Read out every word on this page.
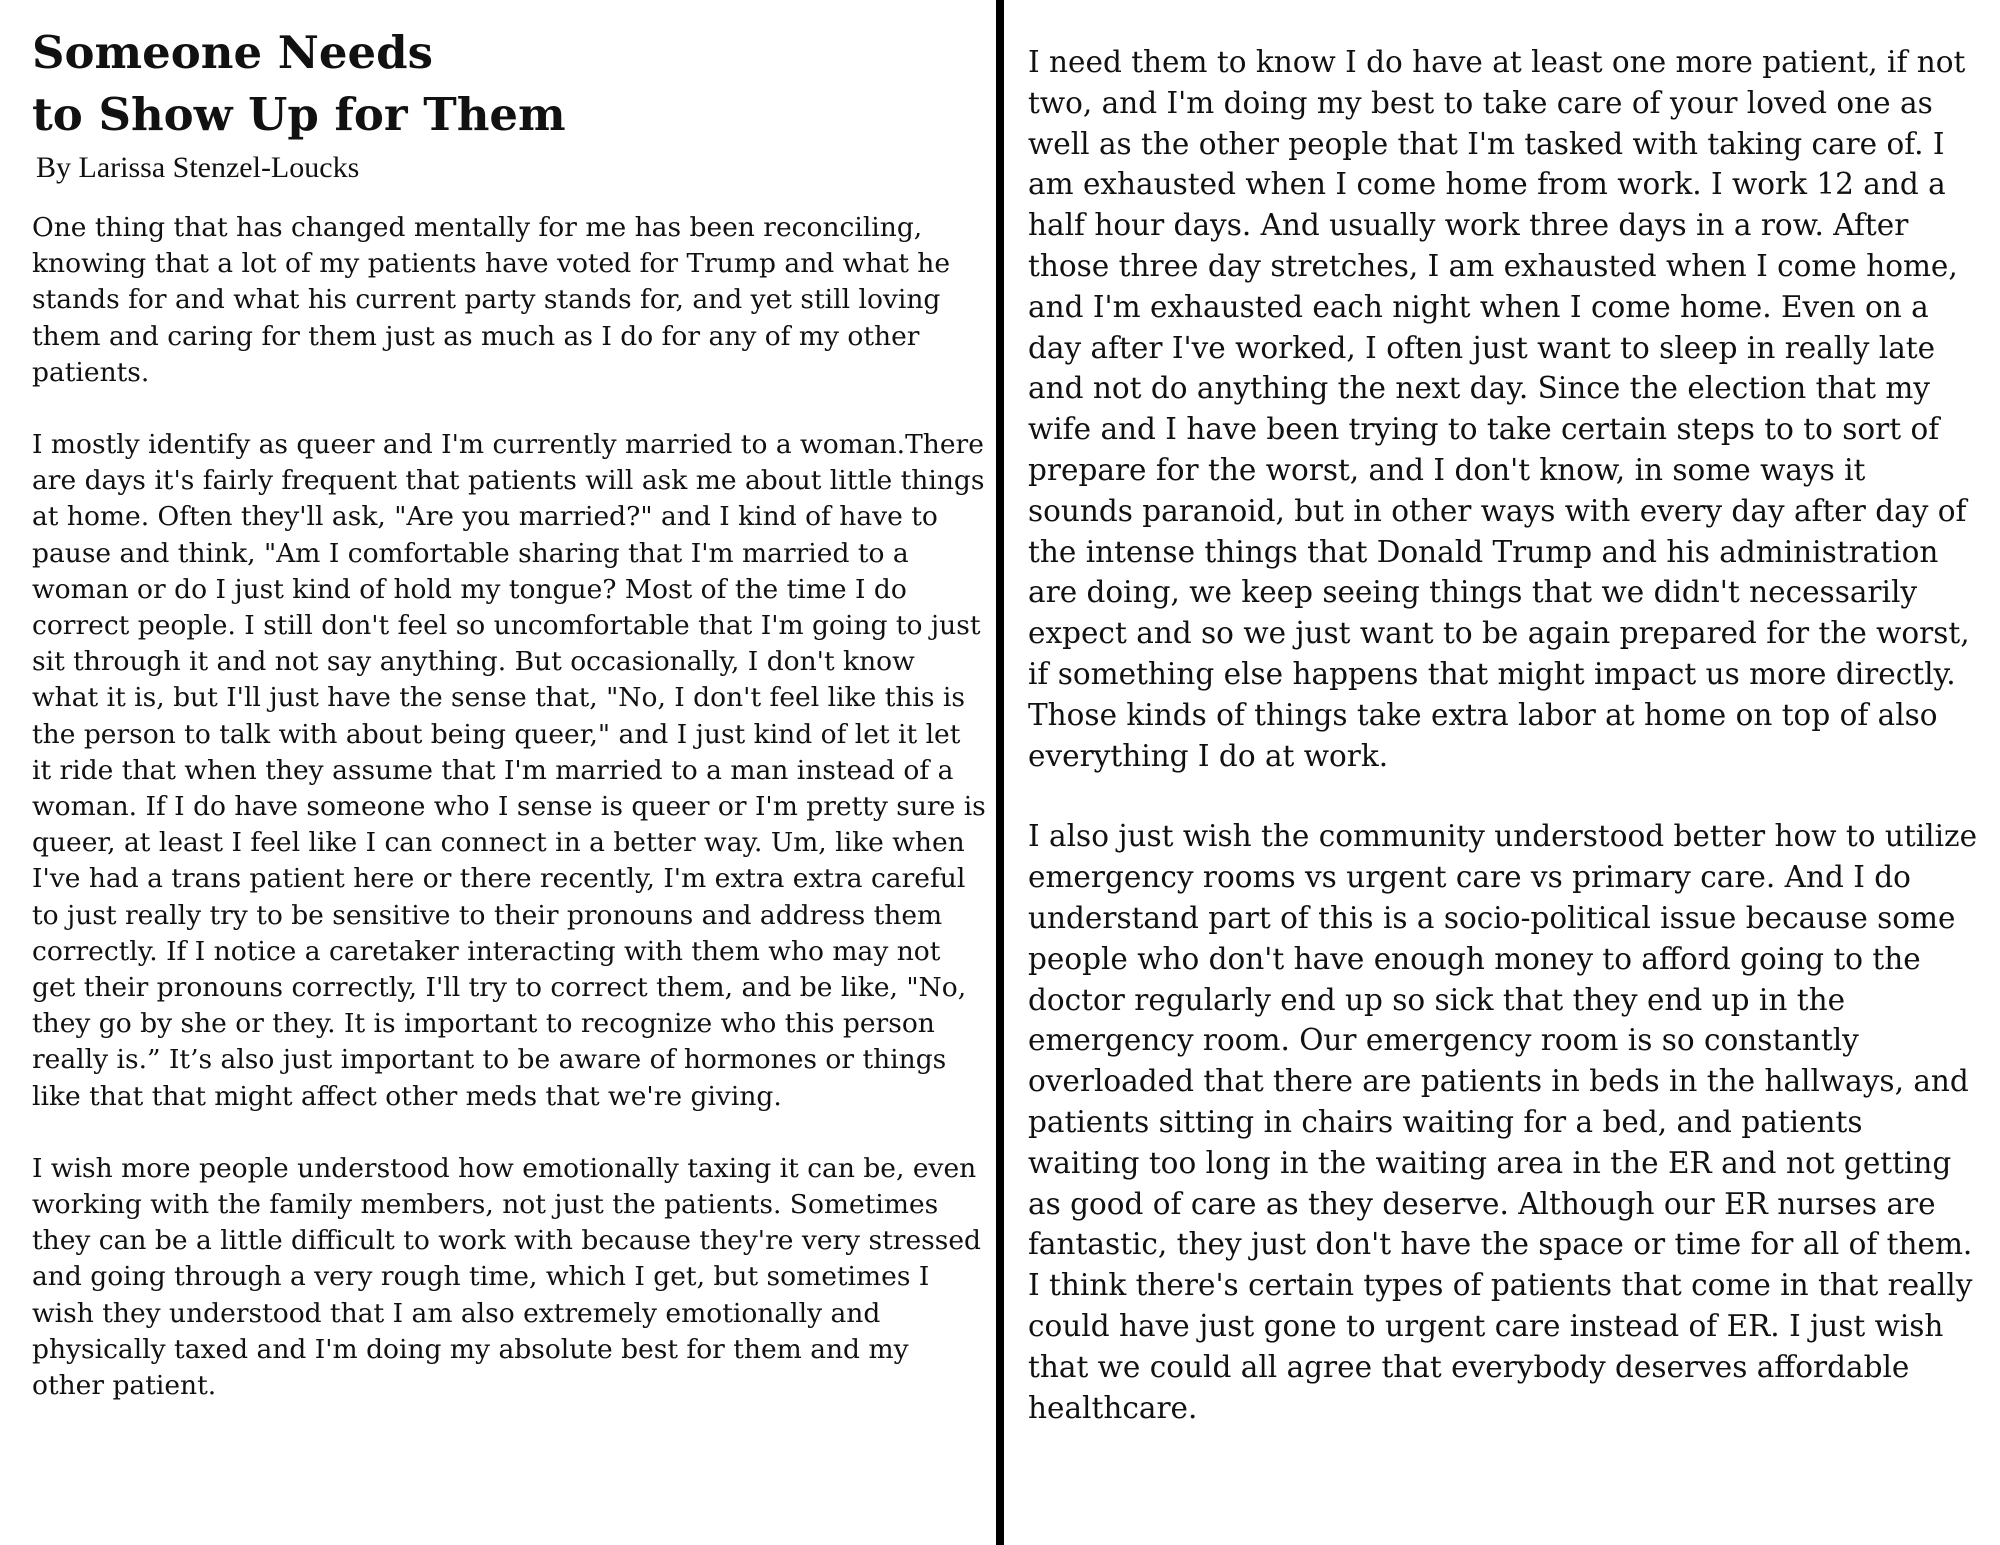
Someone Needs
to Show Up for Them
By Larissa Stenzel-Loucks

One thing that has changed mentally for me has been reconciling, knowing that a lot of my patients have voted for Trump and what he stands for and what his current party stands for, and yet still loving them and caring for them just as much as I do for any of my other patients.

I mostly identify as queer and I'm currently married to a woman.There are days it's fairly frequent that patients will ask me about little things at home. Often they'll ask, "Are you married?" and I kind of have to pause and think, "Am I comfortable sharing that I'm married to a woman or do I just kind of hold my tongue? Most of the time I do correct people. I still don't feel so uncomfortable that I'm going to just sit through it and not say anything. But occasionally, I don't know what it is, but I'll just have the sense that, "No, I don't feel like this is the person to talk with about being queer," and I just kind of let it let it ride that when they assume that I'm married to a man instead of a woman. If I do have someone who I sense is queer or I'm pretty sure is queer, at least I feel like I can connect in a better way. Um, like when I've had a trans patient here or there recently, I'm extra extra careful to just really try to be sensitive to their pronouns and address them correctly. If I notice a caretaker interacting with them who may not get their pronouns correctly, I'll try to correct them, and be like, "No, they go by she or they. It is important to recognize who this person really is.” It’s also just important to be aware of hormones or things like that that might affect other meds that we're giving.

I wish more people understood how emotionally taxing it can be, even working with the family members, not just the patients. Sometimes they can be a little difficult to work with because they're very stressed and going through a very rough time, which I get, but sometimes I wish they understood that I am also extremely emotionally and physically taxed and I'm doing my absolute best for them and my other patient.

I need them to know I do have at least one more patient, if not two, and I'm doing my best to take care of your loved one as well as the other people that I'm tasked with taking care of. I am exhausted when I come home from work. I work 12 and a half hour days. And usually work three days in a row. After those three day stretches, I am exhausted when I come home, and I'm exhausted each night when I come home. Even on a day after I've worked, I often just want to sleep in really late and not do anything the next day. Since the election that my wife and I have been trying to take certain steps to to sort of prepare for the worst, and I don't know, in some ways it sounds paranoid, but in other ways with every day after day of the intense things that Donald Trump and his administration are doing, we keep seeing things that we didn't necessarily expect and so we just want to be again prepared for the worst, if something else happens that might impact us more directly. Those kinds of things take extra labor at home on top of also everything I do at work.

I also just wish the community understood better how to utilize emergency rooms vs urgent care vs primary care. And I do understand part of this is a socio-political issue because some people who don't have enough money to afford going to the doctor regularly end up so sick that they end up in the emergency room. Our emergency room is so constantly overloaded that there are patients in beds in the hallways, and patients sitting in chairs waiting for a bed, and patients waiting too long in the waiting area in the ER and not getting as good of care as they deserve. Although our ER nurses are fantastic, they just don't have the space or time for all of them. I think there's certain types of patients that come in that really could have just gone to urgent care instead of ER. I just wish that we could all agree that everybody deserves affordable healthcare.
